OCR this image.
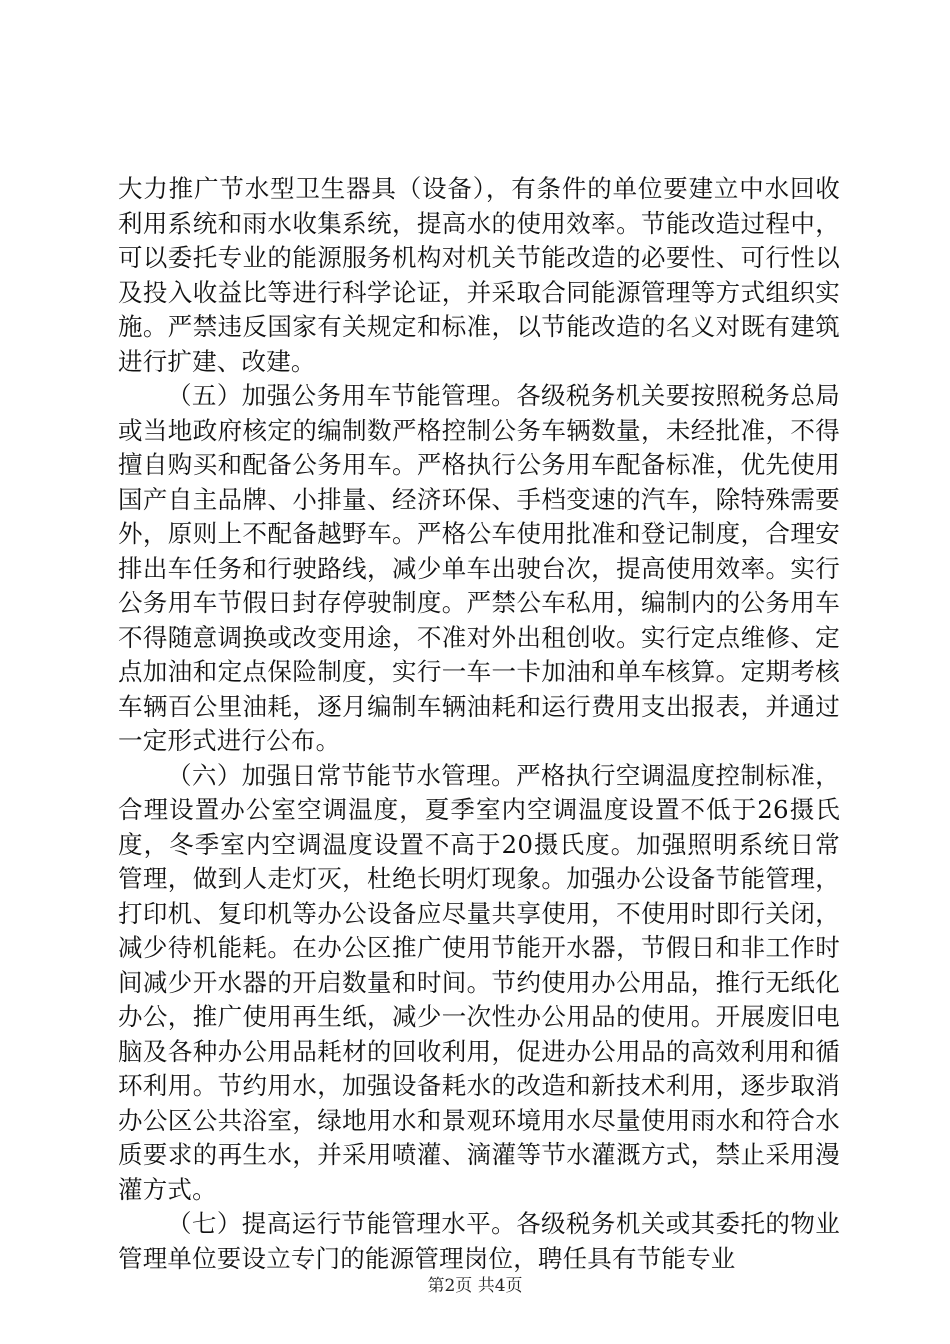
大力推广节水型卫生器具（设备），有条件的单位要建立中水回收利用系统和雨水收集系统，提高水的使用效率。节能改造过程中，可以委托专业的能源服务机构对机关节能改造的必要性、可行性以及投入收益比等进行科学论证，并采取合同能源管理等方式组织实施。严禁违反国家有关规定和标准，以节能改造的名义对既有建筑进行扩建、改建。

（五）加强公务用车节能管理。各级税务机关要按照税务总局或当地政府核定的编制数严格控制公务车辆数量，未经批准，不得擅自购买和配备公务用车。严格执行公务用车配备标准，优先使用国产自主品牌、小排量、经济环保、手档变速的汽车，除特殊需要外，原则上不配备越野车。严格公车使用批准和登记制度，合理安排出车任务和行驶路线，减少单车出驶台次，提高使用效率。实行公务用车节假日封存停驶制度。严禁公车私用，编制内的公务用车不得随意调换或改变用途，不准对外出租创收。实行定点维修、定点加油和定点保险制度，实行一车一卡加油和单车核算。定期考核车辆百公里油耗，逐月编制车辆油耗和运行费用支出报表，并通过一定形式进行公布。

（六）加强日常节能节水管理。严格执行空调温度控制标准，合理设置办公室空调温度，夏季室内空调温度设置不低于26摄氏度，冬季室内空调温度设置不高于20摄氏度。加强照明系统日常管理，做到人走灯灭，杜绝长明灯现象。加强办公设备节能管理，打印机、复印机等办公设备应尽量共享使用，不使用时即行关闭，减少待机能耗。在办公区推广使用节能开水器，节假日和非工作时间减少开水器的开启数量和时间。节约使用办公用品，推行无纸化办公，推广使用再生纸，减少一次性办公用品的使用。开展废旧电脑及各种办公用品耗材的回收利用，促进办公用品的高效利用和循环利用。节约用水，加强设备耗水的改造和新技术利用，逐步取消办公区公共浴室，绿地用水和景观环境用水尽量使用雨水和符合水质要求的再生水，并采用喷灌、滴灌等节水灌溉方式，禁止采用漫灌方式。

（七）提高运行节能管理水平。各级税务机关或其委托的物业管理单位要设立专门的能源管理岗位，聘任具有节能专业

第2页 共4页
